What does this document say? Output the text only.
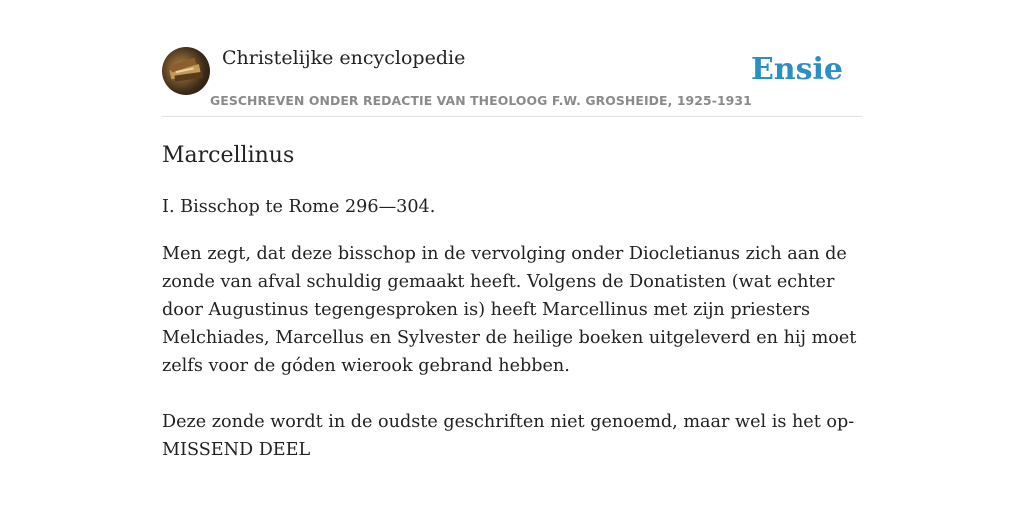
Christelijke encyclopedie
GESCHREVEN ONDER REDACTIE VAN THEOLOOG F.W. GROSHEIDE, 1925-1931
Ensie
Marcellinus

I. Bisschop te Rome 296—304.

Men zegt, dat deze bisschop in de vervolging onder Diocletianus zich aan de zonde van afval schuldig gemaakt heeft. Volgens de Donatisten (wat echter door Augustinus tegengesproken is) heeft Marcellinus met zijn priesters Melchiades, Marcellus en Sylvester de heilige boeken uitgeleverd en hij moet zelfs voor de góden wierook gebrand hebben.

Deze zonde wordt in de oudste geschriften niet genoemd, maar wel is het op-

MISSEND DEEL
